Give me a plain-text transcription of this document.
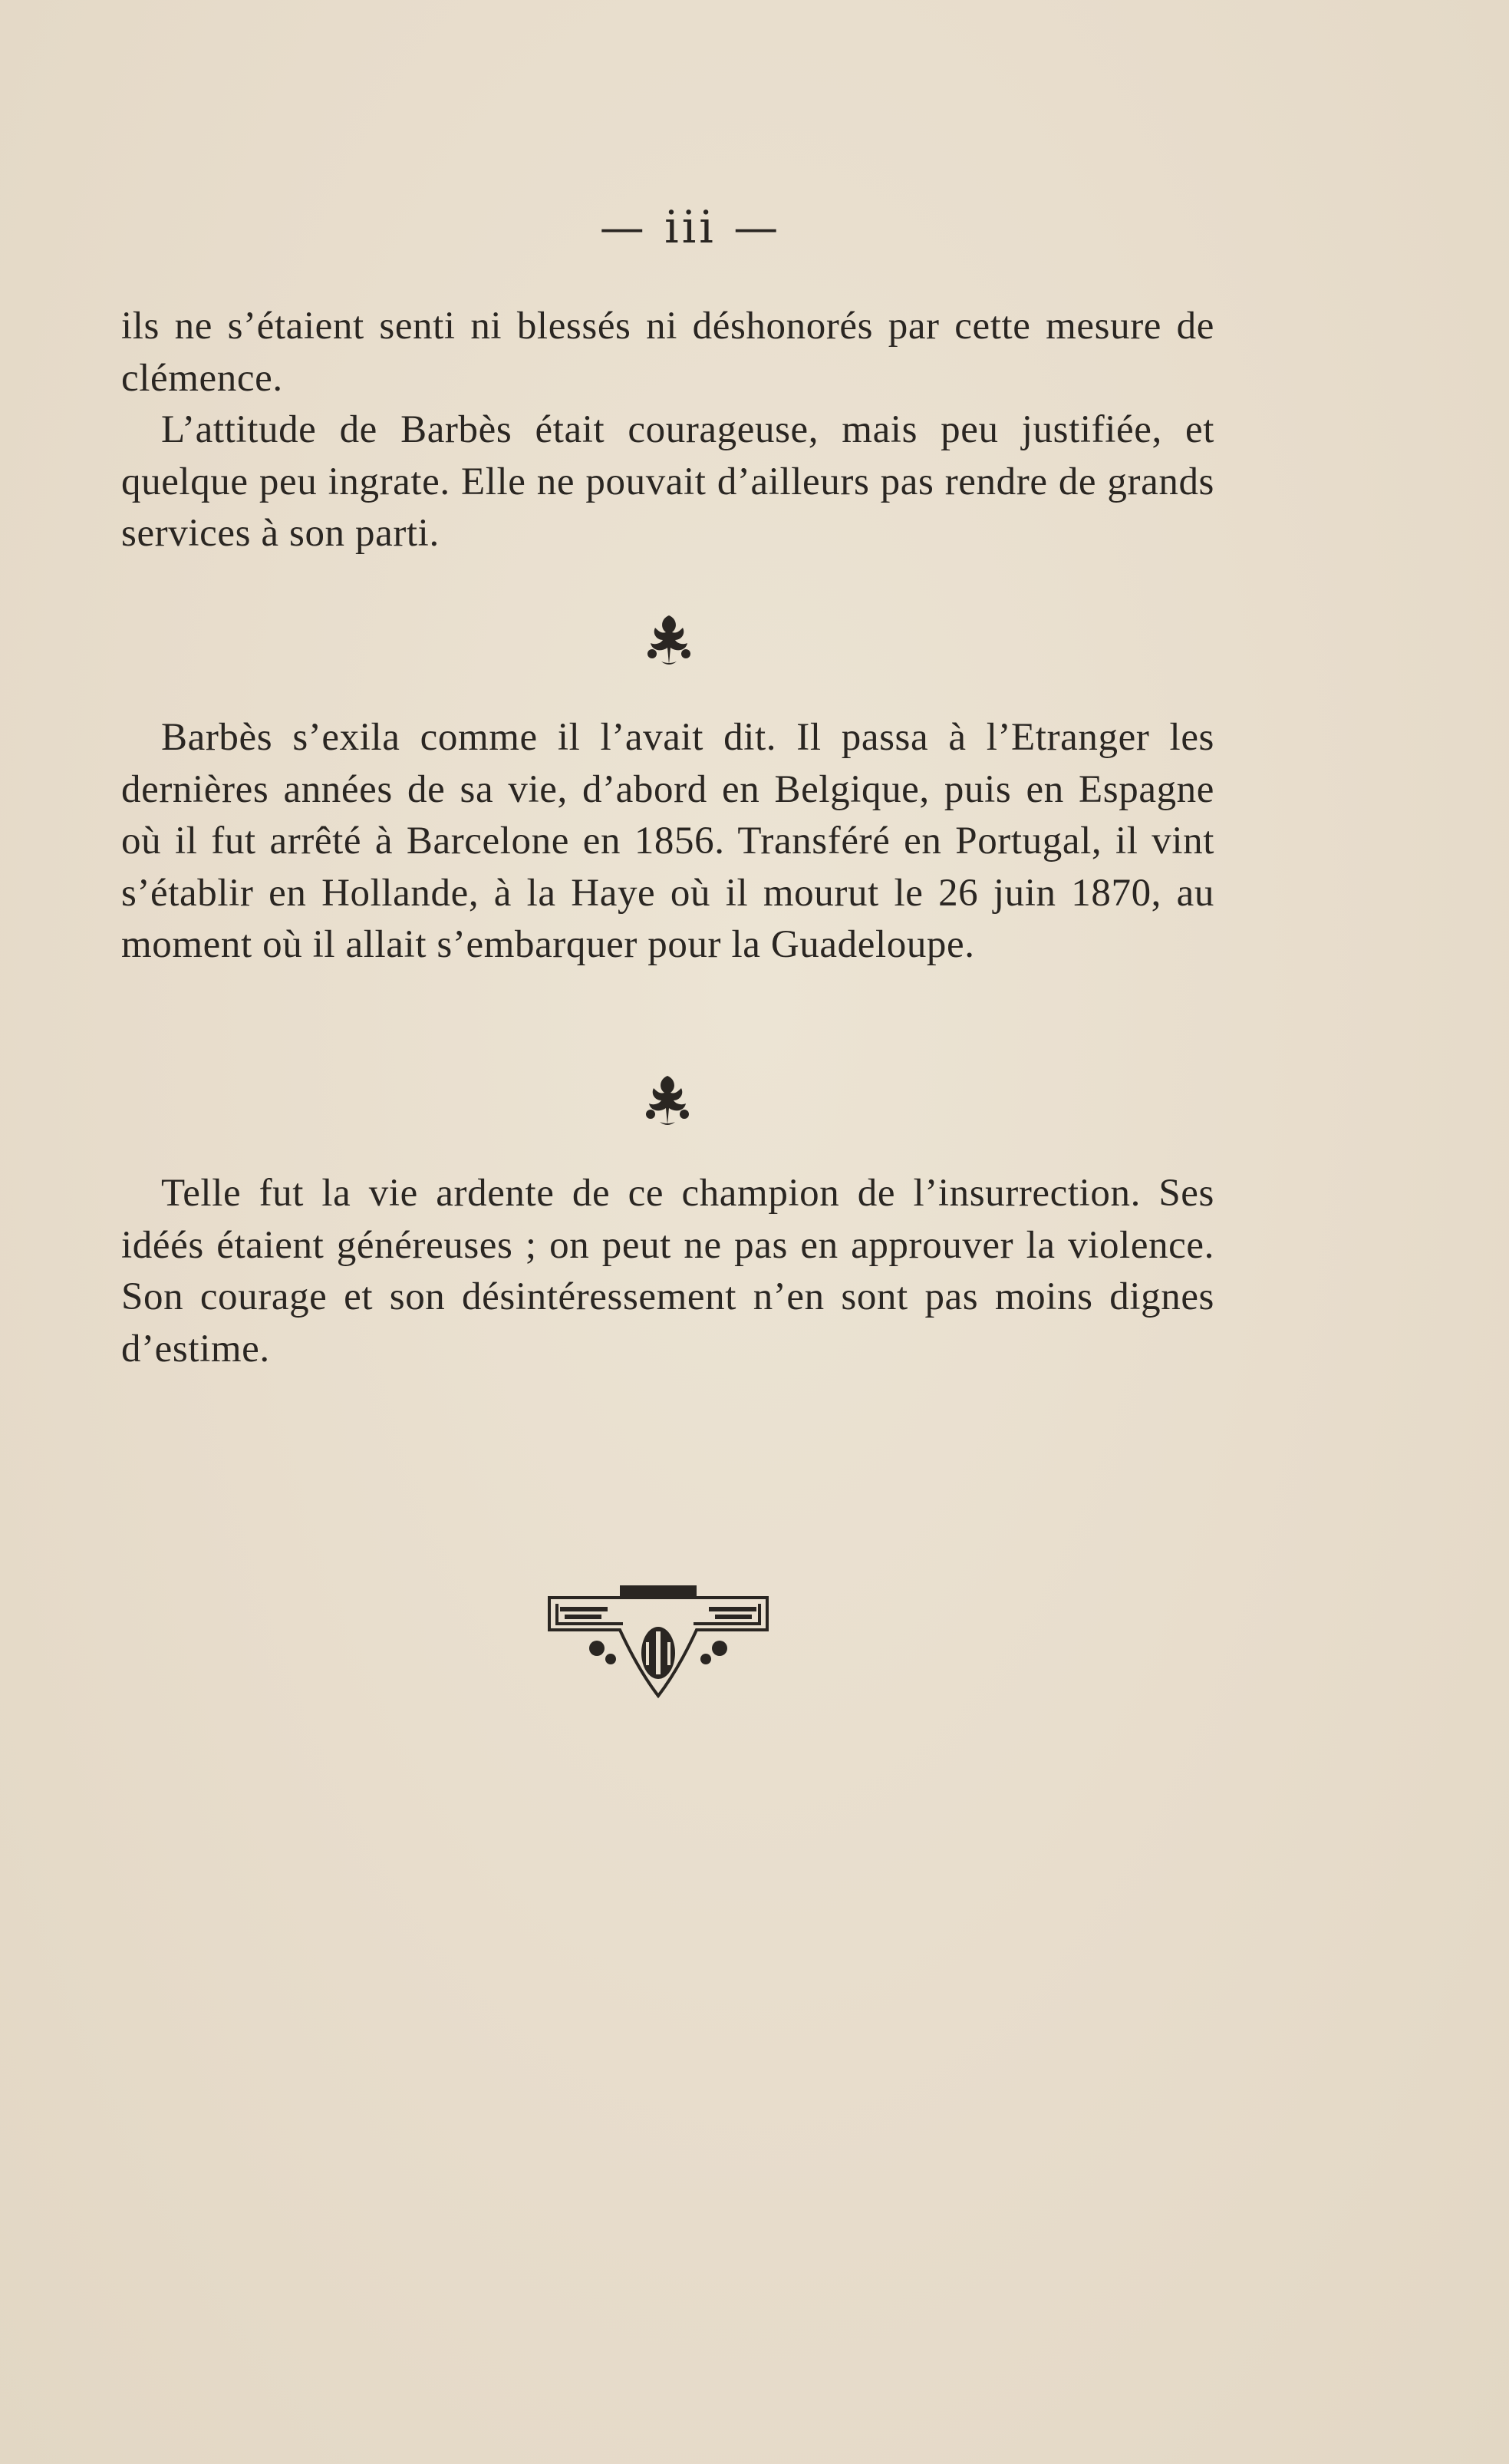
— iii —

ils ne s’étaient senti ni blessés ni déshonorés par cette mesure de clémence.

L’attitude de Barbès était courageuse, mais peu justifiée, et quelque peu ingrate. Elle ne pouvait d’ailleurs pas rendre de grands services à son parti.

Barbès s’exila comme il l’avait dit. Il passa à l’Etranger les dernières années de sa vie, d’abord en Belgique, puis en Espagne où il fut arrêté à Barcelone en 1856. Transféré en Portugal, il vint s’établir en Hollande, à la Haye où il mourut le 26 juin 1870, au moment où il allait s’embarquer pour la Guadeloupe.

Telle fut la vie ardente de ce champion de l’insurrection. Ses idéés étaient généreuses ; on peut ne pas en approuver la violence. Son courage et son désintéressement n’en sont pas moins dignes d’estime.
